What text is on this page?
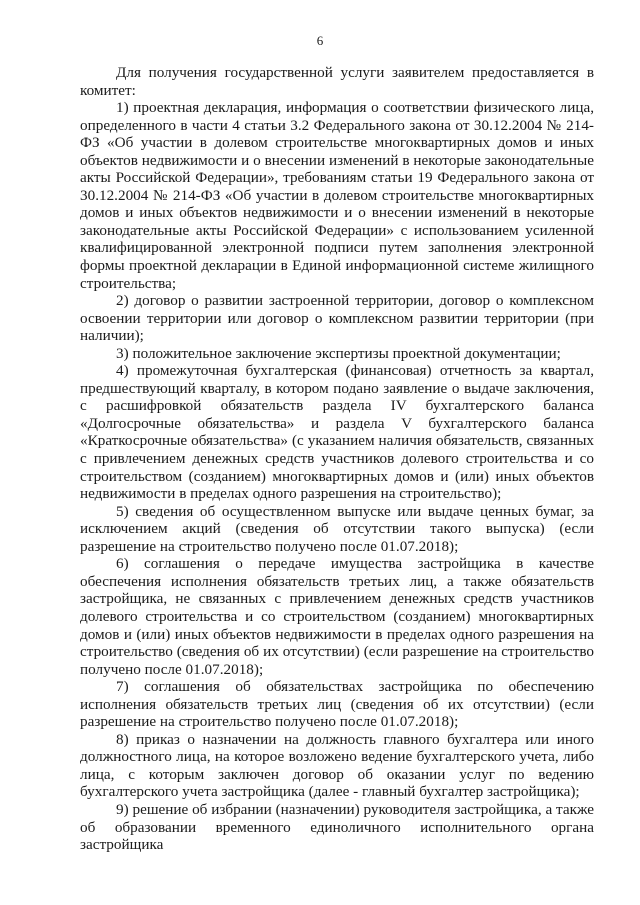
6

Для получения государственной услуги заявителем предоставляется в комитет:

1) проектная декларация, информация о соответствии физического лица, определенного в части 4 статьи 3.2 Федерального закона от 30.12.2004 № 214-ФЗ «Об участии в долевом строительстве многоквартирных домов и иных объектов недвижимости и о внесении изменений в некоторые законодательные акты Российской Федерации», требованиям статьи 19 Федерального закона от 30.12.2004 № 214-ФЗ «Об участии в долевом строительстве многоквартирных домов и иных объектов недвижимости и о внесении изменений в некоторые законодательные акты Российской Федерации» с использованием усиленной квалифицированной электронной подписи путем заполнения электронной формы проектной декларации в Единой информационной системе жилищного строительства;

2) договор о развитии застроенной территории, договор о комплексном освоении территории или договор о комплексном развитии территории (при наличии);

3) положительное заключение экспертизы проектной документации;

4) промежуточная бухгалтерская (финансовая) отчетность за квартал, предшествующий кварталу, в котором подано заявление о выдаче заключения, с расшифровкой обязательств раздела IV бухгалтерского баланса «Долгосрочные обязательства» и раздела V бухгалтерского баланса «Краткосрочные обязательства» (с указанием наличия обязательств, связанных с привлечением денежных средств участников долевого строительства и со строительством (созданием) многоквартирных домов и (или) иных объектов недвижимости в пределах одного разрешения на строительство);

5) сведения об осуществленном выпуске или выдаче ценных бумаг, за исключением акций (сведения об отсутствии такого выпуска) (если разрешение на строительство получено после 01.07.2018);

6) соглашения о передаче имущества застройщика в качестве обеспечения исполнения обязательств третьих лиц, а также обязательств застройщика, не связанных с привлечением денежных средств участников долевого строительства и со строительством (созданием) многоквартирных домов и (или) иных объектов недвижимости в пределах одного разрешения на строительство (сведения об их отсутствии) (если разрешение на строительство получено после 01.07.2018);

7) соглашения об обязательствах застройщика по обеспечению исполнения обязательств третьих лиц (сведения об их отсутствии) (если разрешение на строительство получено после 01.07.2018);

8) приказ о назначении на должность главного бухгалтера или иного должностного лица, на которое возложено ведение бухгалтерского учета, либо лица, с которым заключен договор об оказании услуг по ведению бухгалтерского учета застройщика (далее - главный бухгалтер застройщика);

9) решение об избрании (назначении) руководителя застройщика, а также об образовании временного единоличного исполнительного органа застройщика
